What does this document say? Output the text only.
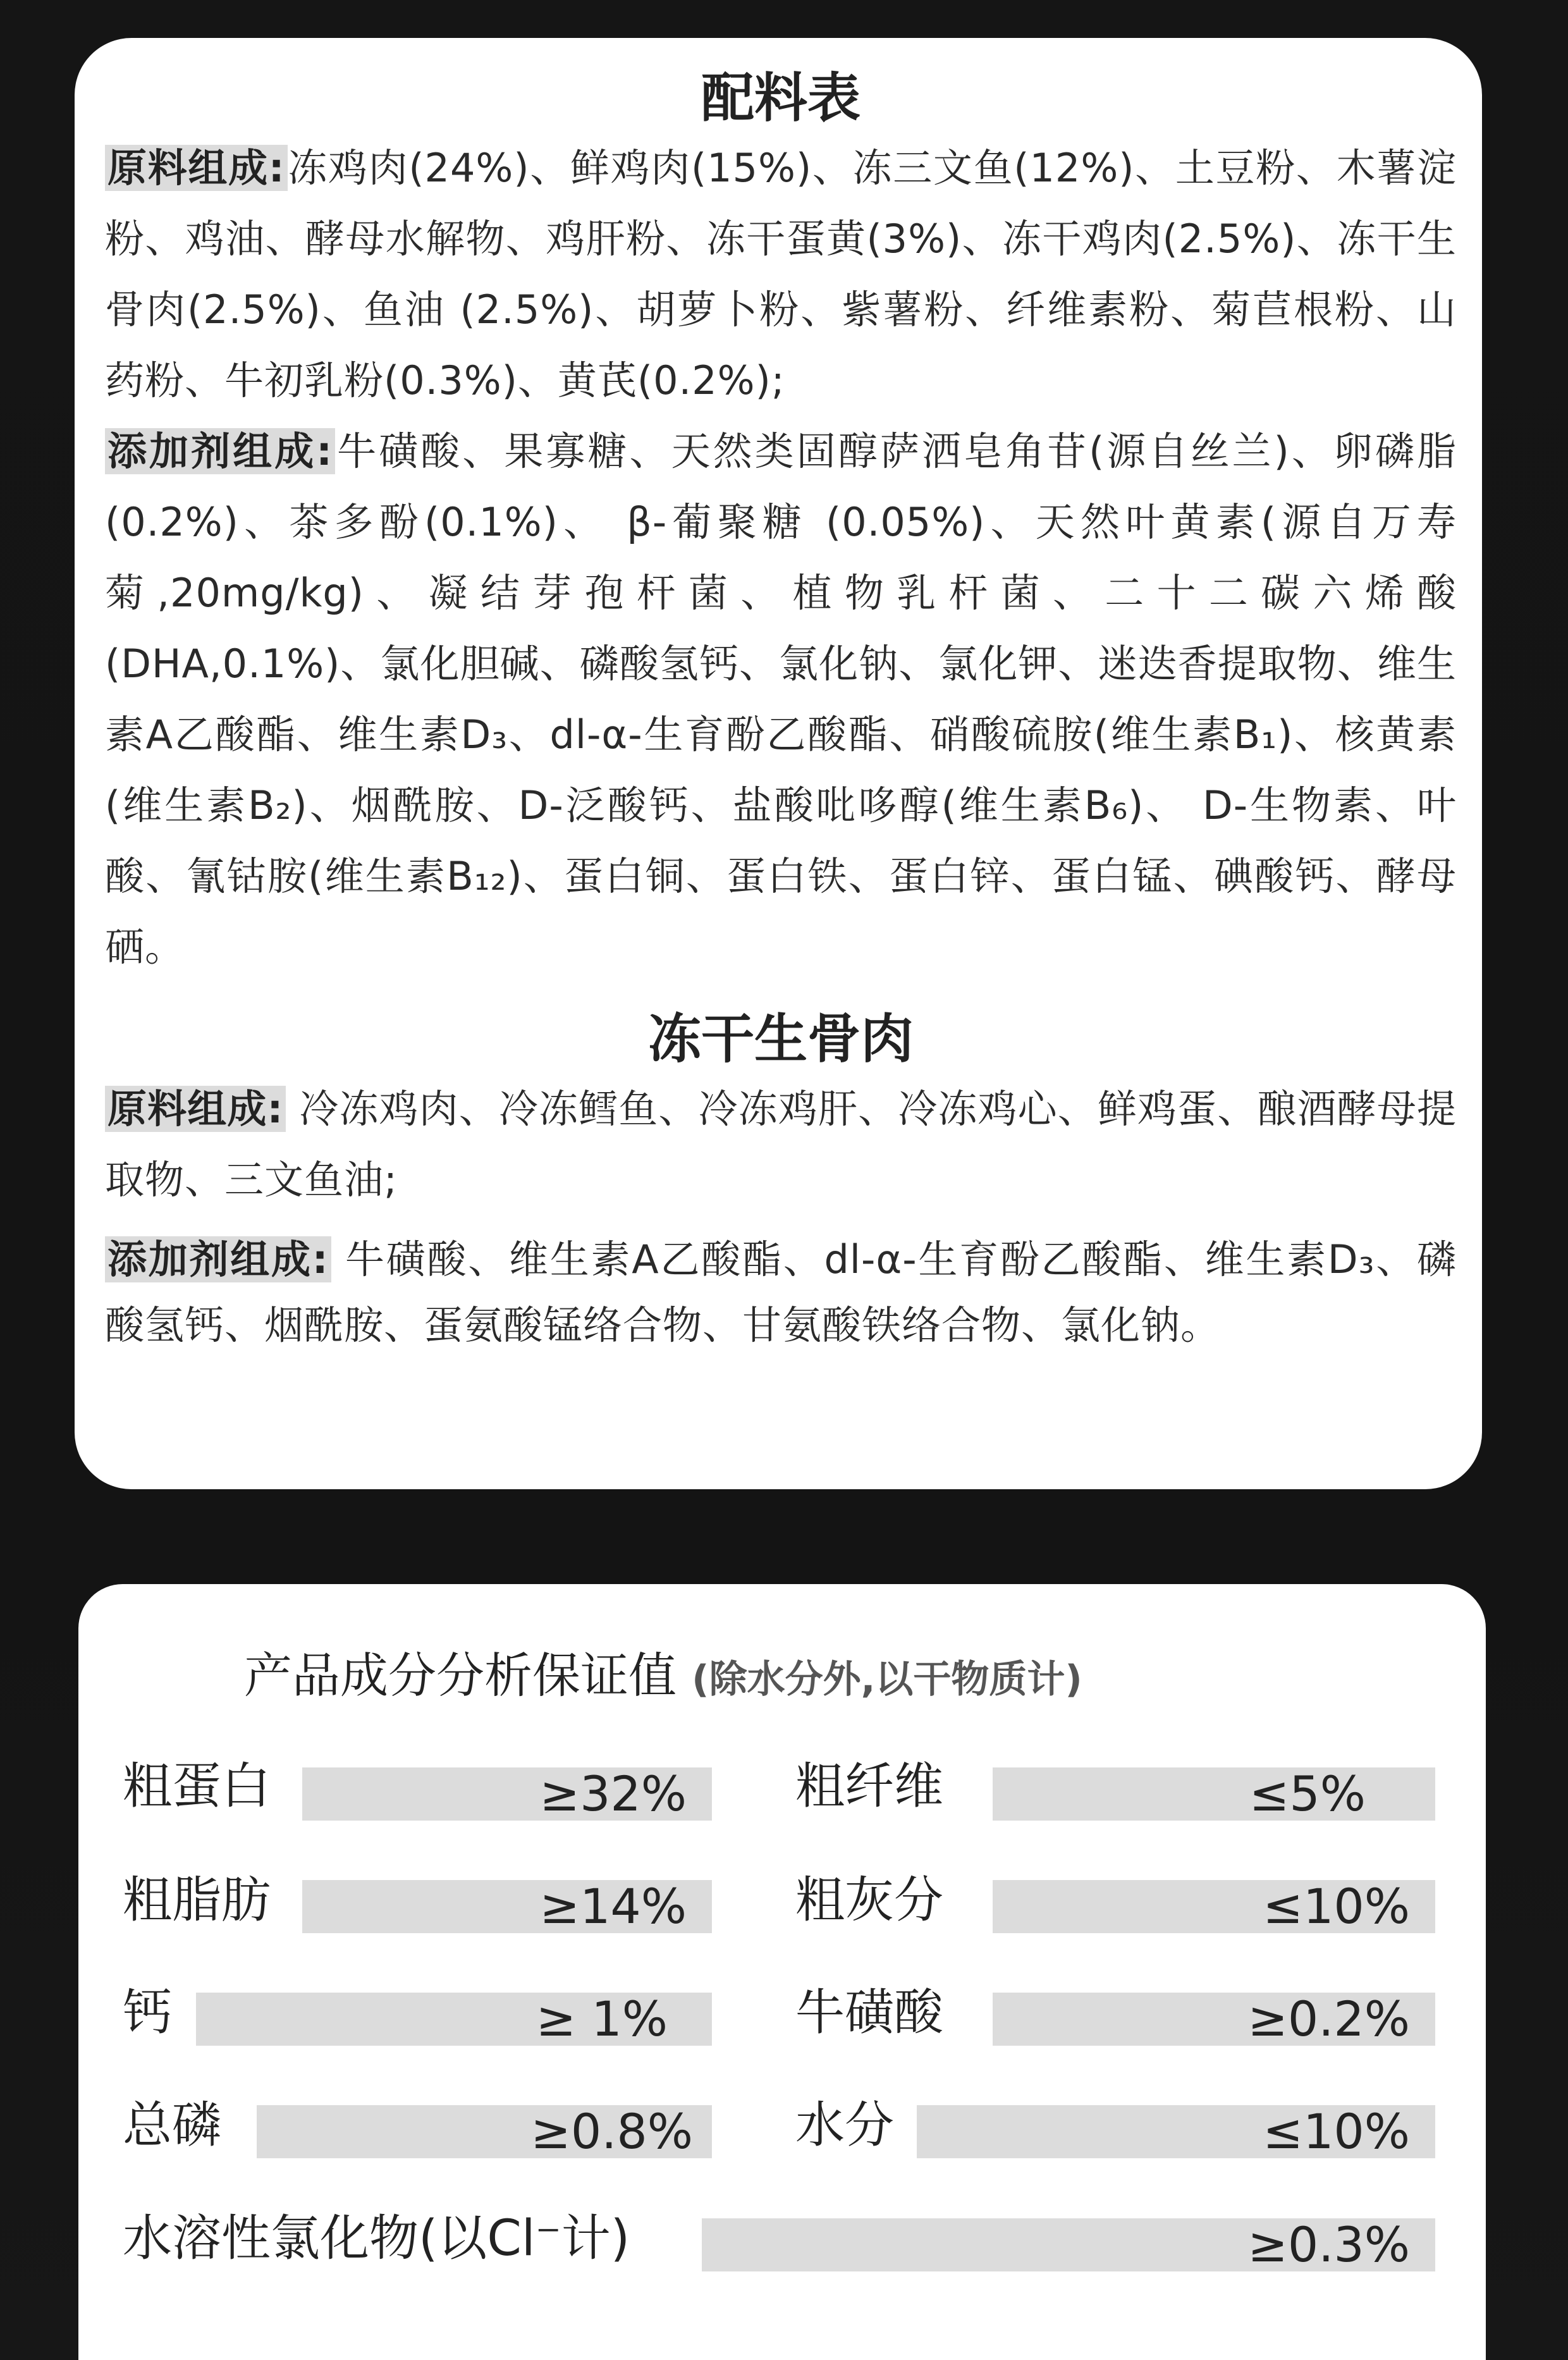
配料表

原料组成:冻鸡肉(24%)、鲜鸡肉(15%)、冻三文鱼(12%)、土豆粉、木薯淀粉、鸡油、酵母水解物、鸡肝粉、冻干蛋黄(3%)、冻干鸡肉(2.5%)、冻干生骨肉(2.5%)、鱼油 (2.5%)、胡萝卜粉、紫薯粉、纤维素粉、菊苣根粉、山药粉、牛初乳粉(0.3%)、黄芪(0.2%);

添加剂组成:牛磺酸、果寡糖、天然类固醇萨洒皂角苷(源自丝兰)、卵磷脂(0.2%)、茶多酚(0.1%)、 β-葡聚糖 (0.05%)、天然叶黄素(源自万寿菊,20mg/kg)、凝结芽孢杆菌、植物乳杆菌、二十二碳六烯酸(DHA,0.1%)、氯化胆碱、磷酸氢钙、氯化钠、氯化钾、迷迭香提取物、维生素A乙酸酯、维生素D₃、dl-α-生育酚乙酸酯、硝酸硫胺(维生素B₁)、核黄素(维生素B₂)、烟酰胺、D-泛酸钙、盐酸吡哆醇(维生素B₆)、 D-生物素、叶酸、氰钴胺(维生素B₁₂)、蛋白铜、蛋白铁、蛋白锌、蛋白锰、碘酸钙、酵母硒。

冻干生骨肉

原料组成: 冷冻鸡肉、冷冻鳕鱼、冷冻鸡肝、冷冻鸡心、鲜鸡蛋、酿酒酵母提取物、三文鱼油;

添加剂组成: 牛磺酸、维生素A乙酸酯、dl-α-生育酚乙酸酯、维生素D₃、磷酸氢钙、烟酰胺、蛋氨酸锰络合物、甘氨酸铁络合物、氯化钠。

产品成分分析保证值 (除水分外,以干物质计)
粗蛋白	≥32% 粗纤维	≤5%
粗脂肪	≥14% 粗灰分	≤10%
钙	≥ 1%	牛磺酸	≥0.2%
总磷	≥0.8% 水分	≤10%
水溶性氯化物(以Cl⁻计)	≥0.3%
